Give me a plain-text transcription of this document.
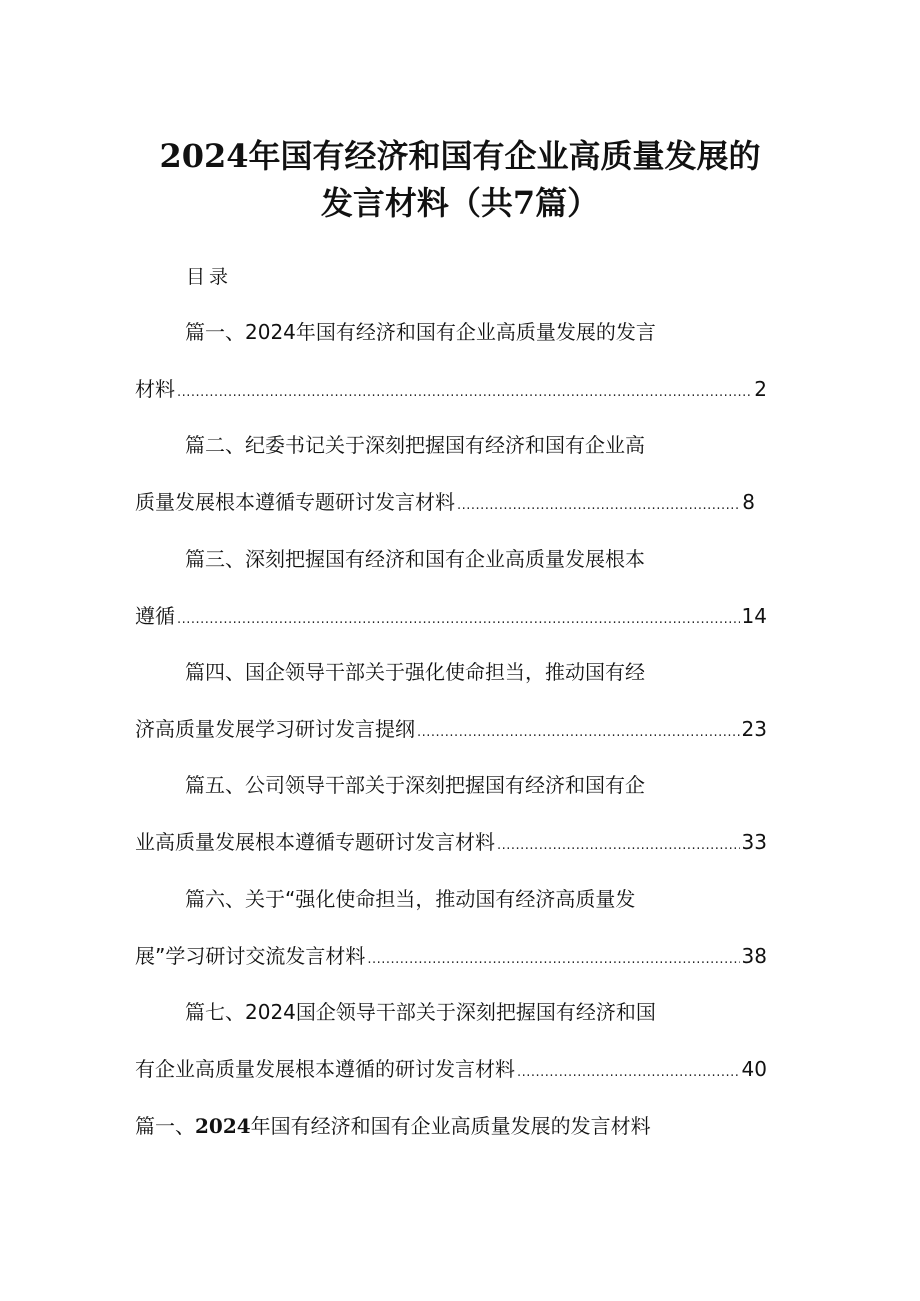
2024年国有经济和国有企业高质量发展的
发言材料（共7篇）
目录
篇一、2024年国有经济和国有企业高质量发展的发言
材料 .....	2
篇二、纪委书记关于深刻把握国有经济和国有企业高
质量发展根本遵循专题研讨发言材料 .....	8
篇三、深刻把握国有经济和国有企业高质量发展根本
遵循 .....	14
篇四、国企领导干部关于强化使命担当，推动国有经
济高质量发展学习研讨发言提纲 .....	23
篇五、公司领导干部关于深刻把握国有经济和国有企
业高质量发展根本遵循专题研讨发言材料 .....	33
篇六、关于“强化使命担当，推动国有经济高质量发
展”学习研讨交流发言材料 .....	38
篇七、2024国企领导干部关于深刻把握国有经济和国
有企业高质量发展根本遵循的研讨发言材料 .....	40
篇一、2024年国有经济和国有企业高质量发展的发言材料
